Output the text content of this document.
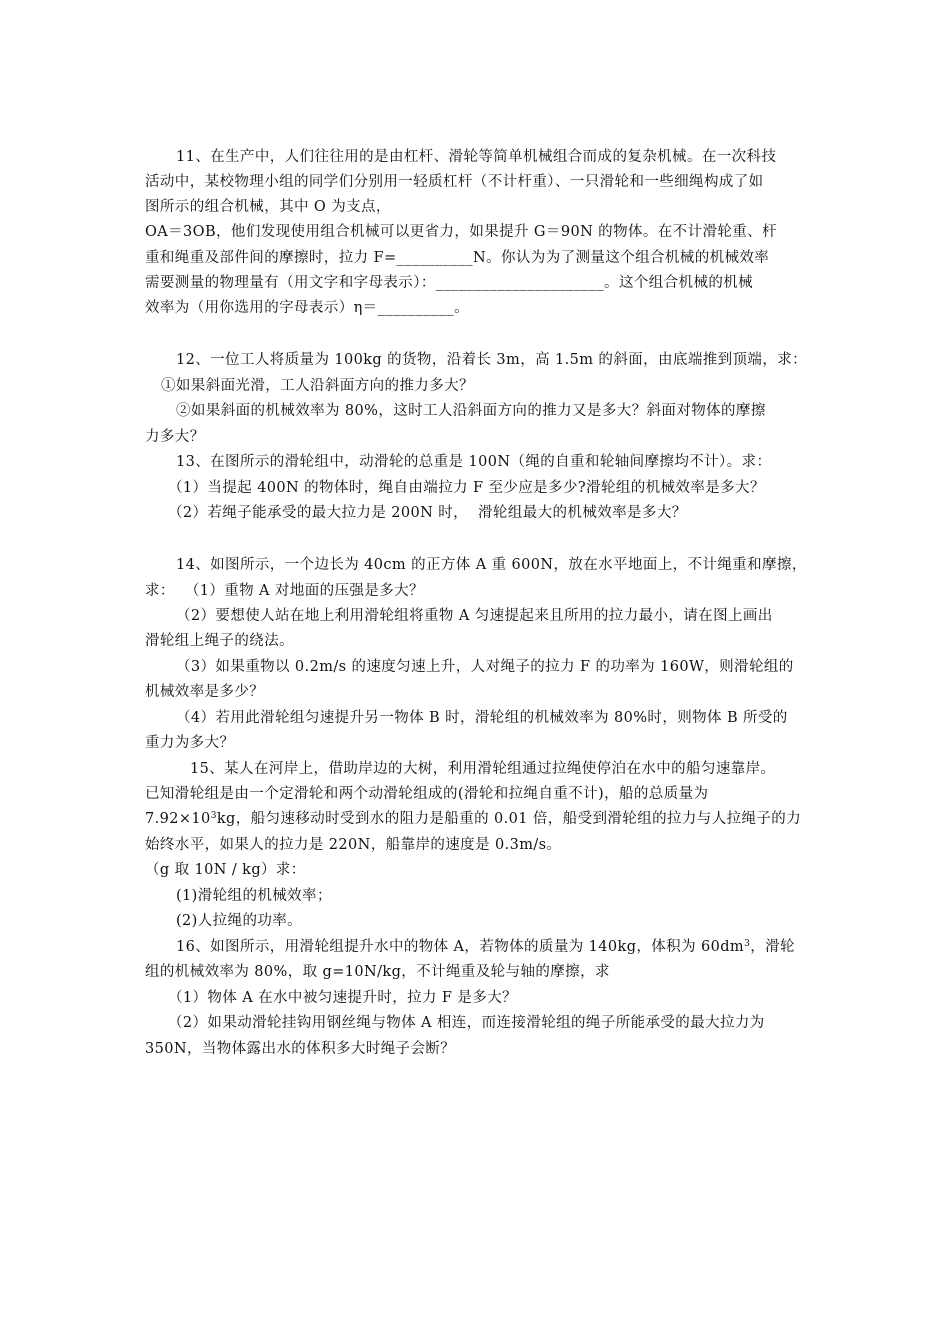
11、在生产中，人们往往用的是由杠杆、滑轮等简单机械组合而成的复杂机械。在一次科技
活动中，某校物理小组的同学们分别用一轻质杠杆（不计杆重）、一只滑轮和一些细绳构成了如
图所示的组合机械，其中 O 为支点，
OA＝3OB，他们发现使用组合机械可以更省力，如果提升 G＝90N 的物体。在不计滑轮重、杆
重和绳重及部件间的摩擦时，拉力 F=__________N。你认为为了测量这个组合机械的机械效率
需要测量的物理量有（用文字和字母表示）：______________________。这个组合机械的机械
效率为（用你选用的字母表示）η＝__________。
12、一位工人将质量为 100kg 的货物，沿着长 3m，高 1.5m 的斜面，由底端推到顶端，求：
①如果斜面光滑，工人沿斜面方向的推力多大？
②如果斜面的机械效率为 80%，这时工人沿斜面方向的推力又是多大？斜面对物体的摩擦
力多大？
13、在图所示的滑轮组中，动滑轮的总重是 100N（绳的自重和轮轴间摩擦均不计）。求：
（1）当提起 400N 的物体时，绳自由端拉力 F 至少应是多少?滑轮组的机械效率是多大？
（2）若绳子能承受的最大拉力是 200N 时，  滑轮组最大的机械效率是多大？
14、如图所示，一个边长为 40cm 的正方体 A 重 600N，放在水平地面上，不计绳重和摩擦，
求：  （1）重物 A 对地面的压强是多大？
（2）要想使人站在地上利用滑轮组将重物 A 匀速提起来且所用的拉力最小，请在图上画出
滑轮组上绳子的绕法。
（3）如果重物以 0.2m/s 的速度匀速上升，人对绳子的拉力 F 的功率为 160W，则滑轮组的
机械效率是多少？
（4）若用此滑轮组匀速提升另一物体 B 时，滑轮组的机械效率为 80%时，则物体 B 所受的
重力为多大？
15、某人在河岸上，借助岸边的大树，利用滑轮组通过拉绳使停泊在水中的船匀速靠岸。
已知滑轮组是由一个定滑轮和两个动滑轮组成的(滑轮和拉绳自重不计)，船的总质量为
$7.92\times 10^3kg$，船匀速移动时受到水的阻力是船重的 0.01 倍，船受到滑轮组的拉力与人拉绳子的力
始终水平，如果人的拉力是 220N，船靠岸的速度是 0.3m/s。
（g 取 10N / kg）求：
(1)滑轮组的机械效率；
(2)人拉绳的功率。
16、如图所示，用滑轮组提升水中的物体 A，若物体的质量为 140kg，体积为 $60dm^3$，滑轮
组的机械效率为 80%，取 g=10N/kg，不计绳重及轮与轴的摩擦，求
（1）物体 A 在水中被匀速提升时，拉力 F 是多大？
（2）如果动滑轮挂钩用钢丝绳与物体 A 相连，而连接滑轮组的绳子所能承受的最大拉力为
350N，当物体露出水的体积多大时绳子会断？
